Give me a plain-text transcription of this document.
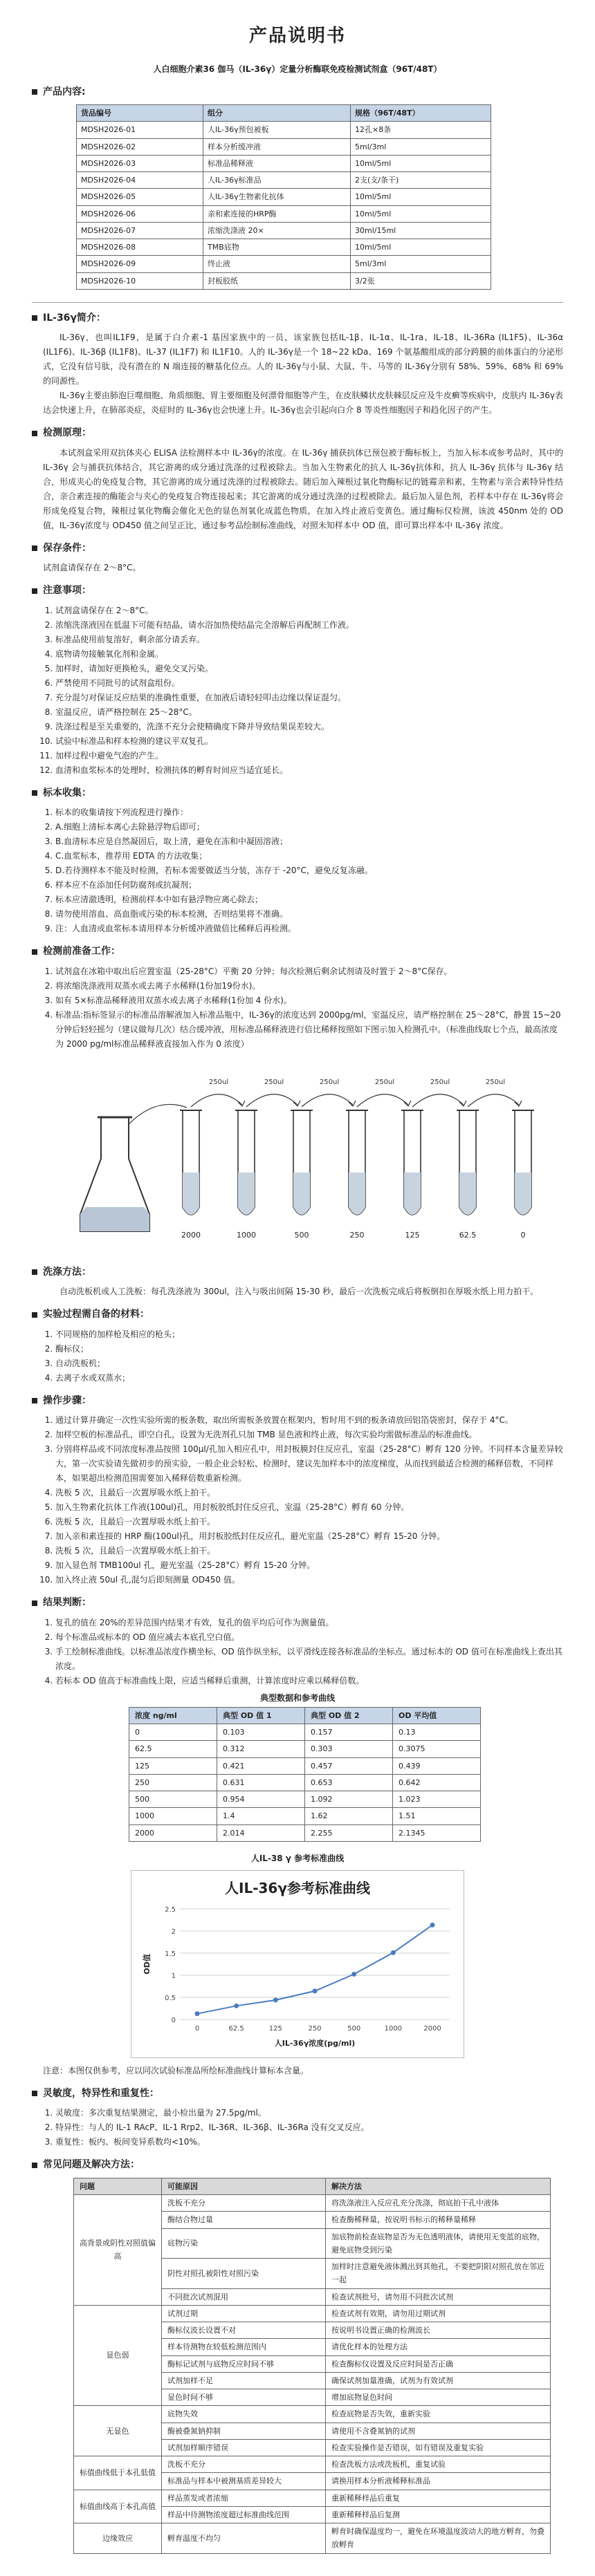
产品说明书
人白细胞介素36 伽马（IL-36γ）定量分析酶联免疫检测试剂盒（96T/48T）
产品内容:
货品编号	组分	规格（96T/48T）
MDSH2026-01	人IL-36γ预包被板	12孔×8条
MDSH2026-02	样本分析缓冲液	5ml/3ml
MDSH2026-03	标准品稀释液	10ml/5ml
MDSH2026-04	人IL-36γ标准品	2支(支/条干)
MDSH2026-05	人IL-36γ生物素化抗体	10ml/5ml
MDSH2026-06	亲和素连接的HRP酶	10ml/5ml
MDSH2026-07	浓缩洗涤液 20×	30ml/15ml
MDSH2026-08	TMB底物	10ml/5ml
MDSH2026-09	终止液	5ml/3ml
MDSH2026-10	封板胶纸	3/2张
IL-36γ简介：

IL-36γ，也叫IL1F9，是属于白介素-1 基因家族中的一员，该家族包括IL-1β、IL-1α、IL-1ra、IL-18、IL-36Ra (IL1F5)、IL-36α (IL1F6)、IL-36β (IL1F8)、IL-37 (IL1F7) 和 IL1F10。人的 IL-36γ是一个 18~22 kDa、169 个氨基酸组成的部分跨膜的前体蛋白的分泌形式，它没有信号肽，没有潜在的 N 端连接的糖基化位点。人的 IL-36γ与小鼠、大鼠、牛、马等的 IL-36γ分别有 58%、59%、68% 和 69%的同源性。

IL-36γ主要由肺泡巨噬细胞、角质细胞、胃主要细胞及何漂骨细胞等产生，在皮肤鳞状皮肤棘层反应及牛皮癣等疾病中，皮肤内 IL-36γ表达会快速上升，在肺部炎症，炎症时的 IL-36γ也会快速上升。IL-36γ也会引起向白介 8 等炎性细胞因子和趋化因子的产生。

检测原理：

本试剂盒采用双抗体夹心 ELISA 法检测样本中 IL-36γ的浓度。在 IL-36γ 捕获抗体已预包被于酶标板上，当加入标本或参考品时，其中的 IL-36γ 会与捕获抗体结合，其它游离的成分通过洗涤的过程被除去。当加入生物素化的抗人 IL-36γ抗体和，抗人 IL-36γ 抗体与 IL-36γ 结合，形成夹心的免疫复合物，其它游离的成分通过洗涤的过程被除去。随后加入辣根过氧化物酶标记的链霉亲和素，生物素与亲合素特异性结合，亲合素连接的酶能会与夹心的免疫复合物连接起来；其它游离的成分通过洗涤的过程被除去。最后加入显色剂，若样本中存在 IL-36γ将会形成免疫复合物，辣根过氧化物酶会催化无色的显色剂氧化成蓝色物质，在加入终止液后变黄色。通过酶标仪检测，该波 450nm 处的 OD 值，IL-36γ浓度与 OD450 值之间呈正比，通过参考品绘制标准曲线，对照未知样本中 OD 值，即可算出样本中 IL-36γ 浓度。

保存条件：

试剂盒请保存在 2～8°C。

注意事项：
1. 试剂盒请保存在 2～8°C。
2. 浓缩洗涤液因在低温下可能有结晶，请水浴加热使结晶完全溶解后再配制工作液。
3. 标准品使用前复溶好，剩余部分请丢弃。
4. 底物请勿接触氧化剂和金属。
5. 加样时，请加好更换枪头，避免交叉污染。
6. 严禁使用不同批号的试剂盒组份。
7. 充分混匀对保证反应结果的准确性重要，在加液后请轻轻叩击边缘以保证混匀。
8. 室温反应，请严格控制在 25～28°C。
9. 洗涤过程是至关重要的，洗涤不充分会使精确度下降并导致结果误差较大。
10. 试验中标准品和样本检测的建议平双复孔。
11. 加样过程中避免气泡的产生。
12. 血清和血浆标本的处理时，检测抗体的孵育时间应当适宜延长。
标本收集：
1. 标本的收集请按下列流程进行操作：
2. A.细胞上清标本离心去除悬浮物后即可；
3. B.血清标本应是自然凝固后，取上清，避免在冻和中凝固溶液；
4. C.血浆标本，推荐用 EDTA 的方法收集；
5. D.若待测样本不能及时检测，若标本需要做适当分装，冻存于 -20°C，避免反复冻融。
6. 样本应不在添加任何防腐剂或抗凝剂；
7. 标本应清澈透明，检测前样本中如有悬浮物应离心除去；
8. 请勿使用溶血、高血脂或污染的标本检测，否则结果将不准确。
9. 注：人血清或血浆标本请用样本分析缓冲液做倍比稀释后再检测。
检测前准备工作：
1. 试剂盒在冰箱中取出后应置室温（25-28°C）平衡 20 分钟；每次检测后剩余试剂请及时置于 2～8°C保存。
2. 将浓缩洗涤液用双蒸水或去离子水稀释(1份加19份水)。
3. 如有 5×标准品稀释液用双蒸水或去离子水稀释(1份加 4 份水)。
4. 标准品:指标签显示的标准品溶解液加入标准品瓶中，IL-36γ的浓度达到 2000pg/ml，室温反应，请严格控制在 25～28°C，静置 15~20 分钟后轻轻摇匀（建议做每几次）结合缓冲液，用标准品稀释液进行倍比稀释按照如下图示加入检测孔中。（标准曲线取七个点，最高浓度为 2000 pg/ml标准品稀释液直接加入作为 0 浓度）
250ul	250ul	250ul	250ul	250ul	250ul
2000	1000	500	250	125	62.5	0
洗涤方法：

自动洗板机或人工洗板：每孔洗涤液为 300ul，注入与吸出间隔 15-30 秒，最后一次洗板完成后将板倒扣在厚吸水纸上用力拍干。

实验过程需自备的材料：
1. 不同规格的加样枪及相应的枪头；
2. 酶标仪；
3. 自动洗板机；
4. 去离子水或双蒸水；
操作步骤：
1. 通过计算并确定一次性实验所需的板条数，取出所需板条放置在框架内，暂时用不到的板条请放回铝箔袋密封，保存于 4°C。
2. 加样空板的标准品孔，即空白孔，设置为无洗剂孔只加 TMB 显色液和终止液，每次实验均需做标准品的标准曲线。
3. 分别将样品或不同浓度标准品按照 100μl/孔加入相应孔中，用封板膜封住反应孔，室温（25-28°C）孵育 120 分钟。不同样本含量差异较大，第一次实验请先做初步的预实验，一般企业会轻松、检测时，建议先加样本中的浓度梯度，从而找到最适合检测的稀释倍数，不同样本，如果超出检测范围需要加入稀释倍数重新检测。
4. 洗板 5 次，且最后一次置厚吸水纸上拍干。
5. 加入生物素化抗体工作液(100ul)孔，用封板胶纸封住反应孔，室温（25-28°C）孵育 60 分钟。
6. 洗板 5 次，且最后一次置厚吸水纸上拍干。
7. 加入亲和素连接的 HRP 酶(100ul)孔，用封板胶纸封住反应孔，避光室温（25-28°C）孵育 15-20 分钟。
8. 洗板 5 次，且最后一次置厚吸水纸上拍干。
9. 加入显色剂 TMB100ul 孔，避光室温（25-28°C）孵育 15-20 分钟。
10. 加入终止液 50ul 孔,混匀后即刻测量 OD450 值。
结果判断：
1. 复孔的值在 20%的差异范围内结果才有效，复孔的值平均后可作为测量值。
2. 每个标准品或标本的 OD 值应减去本底孔空白值。
3. 手工绘制标准曲线。以标准品浓度作横坐标，OD 值作纵坐标，以平滑线连接各标准品的坐标点。通过标本的 OD 值可在标准曲线上查出其浓度。
4. 若标本 OD 值高于标准曲线上限，应适当稀释后重测，计算浓度时应乘以稀释倍数。
典型数据和参考曲线
浓度 ng/ml	典型 OD 值 1	典型 OD 值 2	OD 平均值
0	0.103	0.157	0.13
62.5	0.312	0.303	0.3075
125	0.421	0.457	0.439
250	0.631	0.653	0.642
500	0.954	1.092	1.023
1000	1.4	1.62	1.51
2000	2.014	2.255	2.1345
人IL-38 γ 参考标准曲线
人IL-36γ参考标准曲线
0
0.5
1
1.5
2
2.5
0	62.5	125	250	500	1000	2000
人IL-36γ浓度(pg/ml)
OD值

注意：本图仅供参考，应以同次试验标准品所绘标准曲线计算标本含量。

灵敏度，特异性和重复性：
1. 灵敏度：多次重复结果测定，最小检出量为 27.5pg/ml。
2. 特异性：与人的 IL-1 RAcP、IL-1 Rrp2、IL-36R、IL-36β、IL-36Ra 没有交叉反应。
3. 重复性：板内、板间变异系数均<10%。
常见问题及解决方法：
问题	可能原因	解决方法
高背景或阴性对照值偏高	洗板不充分	将洗涤液注入反应孔充分洗涤，彻底拍干孔中液体
	酶结合物过量	检查酶稀释量，按说明书标示的稀释量稀释
	底物污染	加底物前检查底物是否为无色透明液体，请使用无变蓝的底物，避免底物受到污染
	阴性对照孔被阳性对照污染	加样时注意避免液体溅出到其他孔，不要把阴阳对照孔放在邻近一起
	不同批次试剂混用	检查试剂批号，请勿用不同批次试剂
显色弱	试剂过期	检查试剂有效期，请勿用过期试剂
	酶标仪波长设置不对	按说明书设置正确的检测波长
	样本待测物在较低检测范围内	请优化样本的处理方法
	酶标记试剂与底物反应时间不够	检查酶标仪设置及反应时间是否正确
	试剂加样不足	确保试剂加量准确，试剂为有效试剂
	显色时间不够	增加底物显色时间
无显色	底物失效	检查底物是否失效，重新实验
	酶被叠氮钠抑制	请使用不含叠氮钠的试剂
	试剂加样顺序错误	检查实验操作是否错误，如有错误及重复实验
标值曲线低于本孔低值	洗板不充分	检查洗板方法或洗板机，重复试验
	标准品与样本中被测基质差异较大	请换用样本分析液稀释标准品
标值曲线高于本孔高值	样品蒸发或者浓缩	重新稀释样品后重复
	样品中待测物浓度超过标准曲线范围	重新稀释样品后复测
边缘效应	孵育温度不均匀	孵育时确保温度均一，避免在环境温度波动大的地方孵育，勿叠放孵育
